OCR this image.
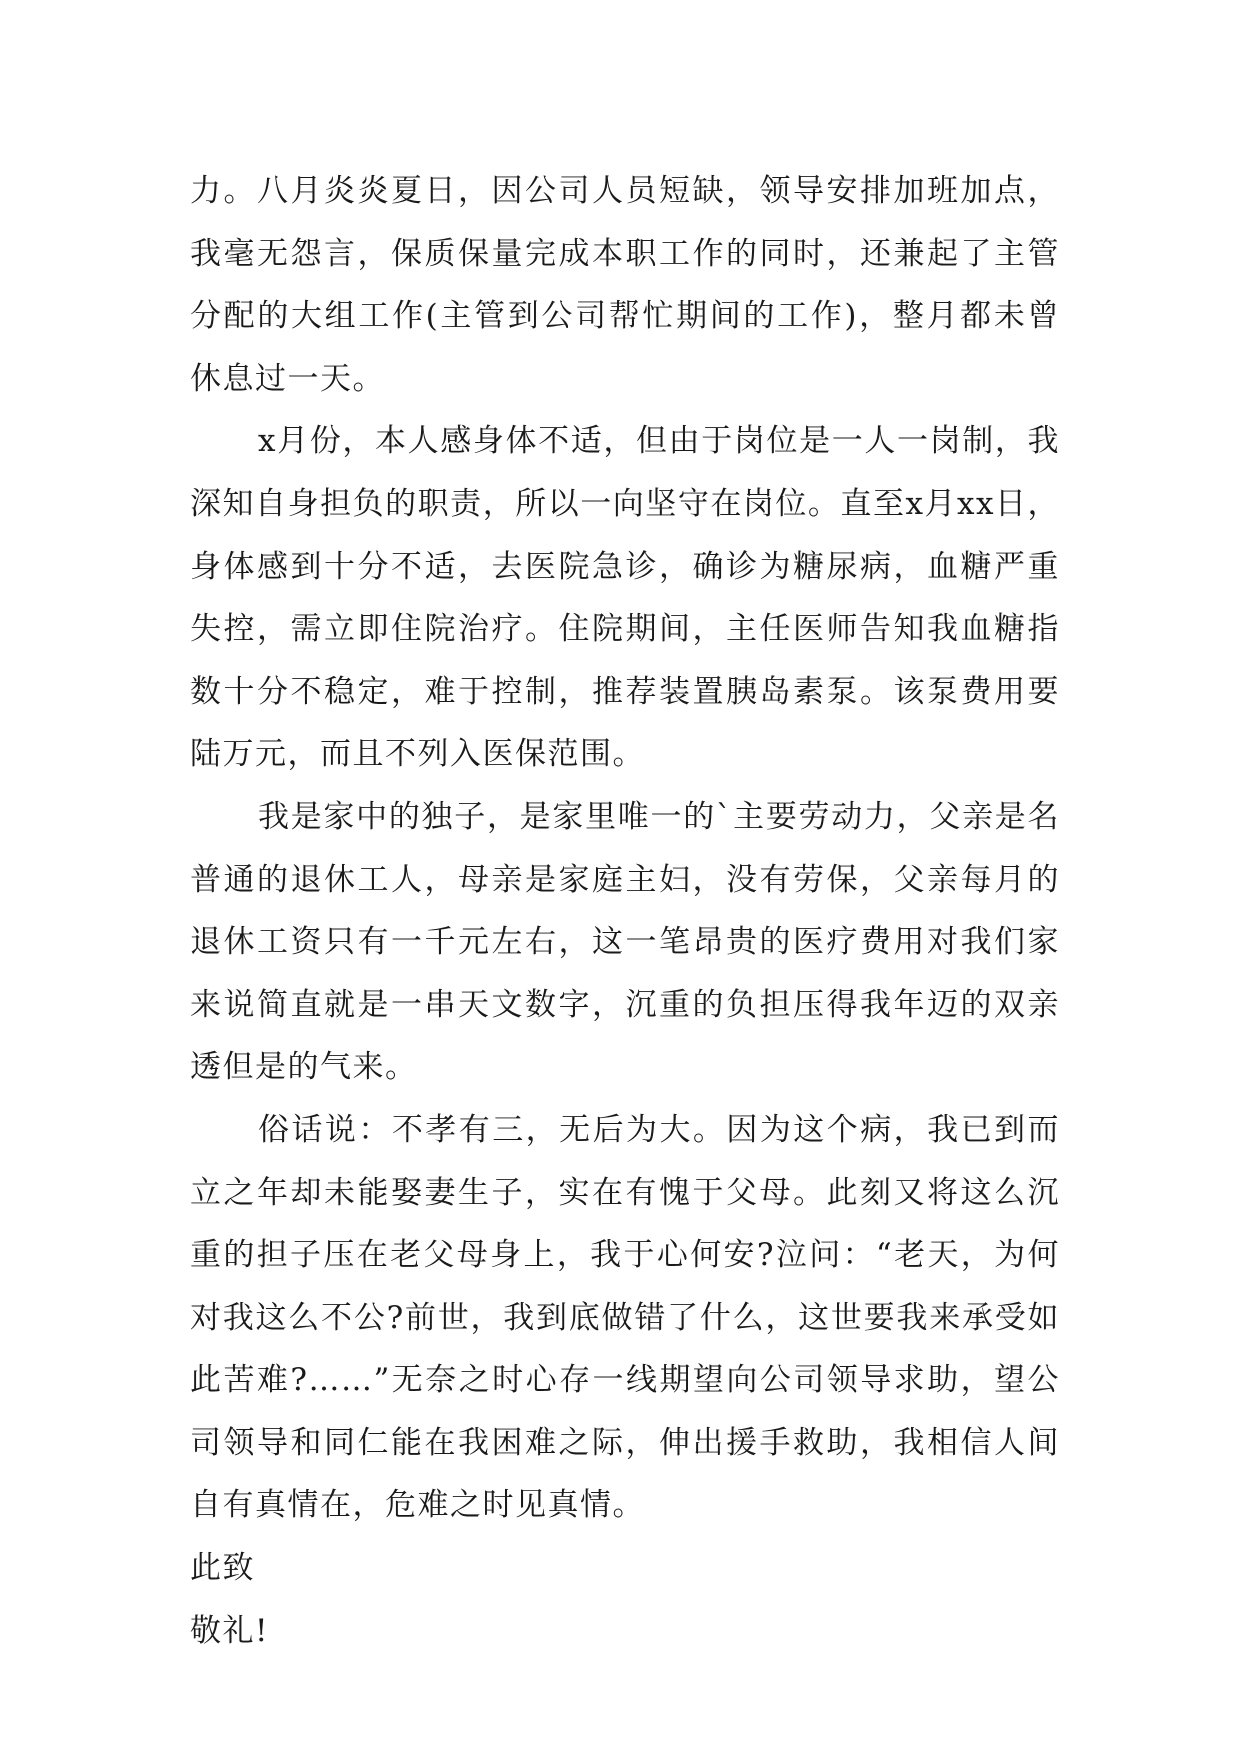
力。八月炎炎夏日，因公司人员短缺，领导安排加班加点，我毫无怨言，保质保量完成本职工作的同时，还兼起了主管分配的大组工作(主管到公司帮忙期间的工作)，整月都未曾休息过一天。

x月份，本人感身体不适，但由于岗位是一人一岗制，我深知自身担负的职责，所以一向坚守在岗位。直至x月xx日，身体感到十分不适，去医院急诊，确诊为糖尿病，血糖严重失控，需立即住院治疗。住院期间，主任医师告知我血糖指数十分不稳定，难于控制，推荐装置胰岛素泵。该泵费用要陆万元，而且不列入医保范围。

我是家中的独子，是家里唯一的`主要劳动力，父亲是名普通的退休工人，母亲是家庭主妇，没有劳保，父亲每月的退休工资只有一千元左右，这一笔昂贵的医疗费用对我们家来说简直就是一串天文数字，沉重的负担压得我年迈的双亲透但是的气来。

俗话说：不孝有三，无后为大。因为这个病，我已到而立之年却未能娶妻生子，实在有愧于父母。此刻又将这么沉重的担子压在老父母身上，我于心何安?泣问：“老天，为何对我这么不公?前世，我到底做错了什么，这世要我来承受如此苦难?……”无奈之时心存一线期望向公司领导求助，望公司领导和同仁能在我困难之际，伸出援手救助，我相信人间自有真情在，危难之时见真情。

此致

敬礼!
